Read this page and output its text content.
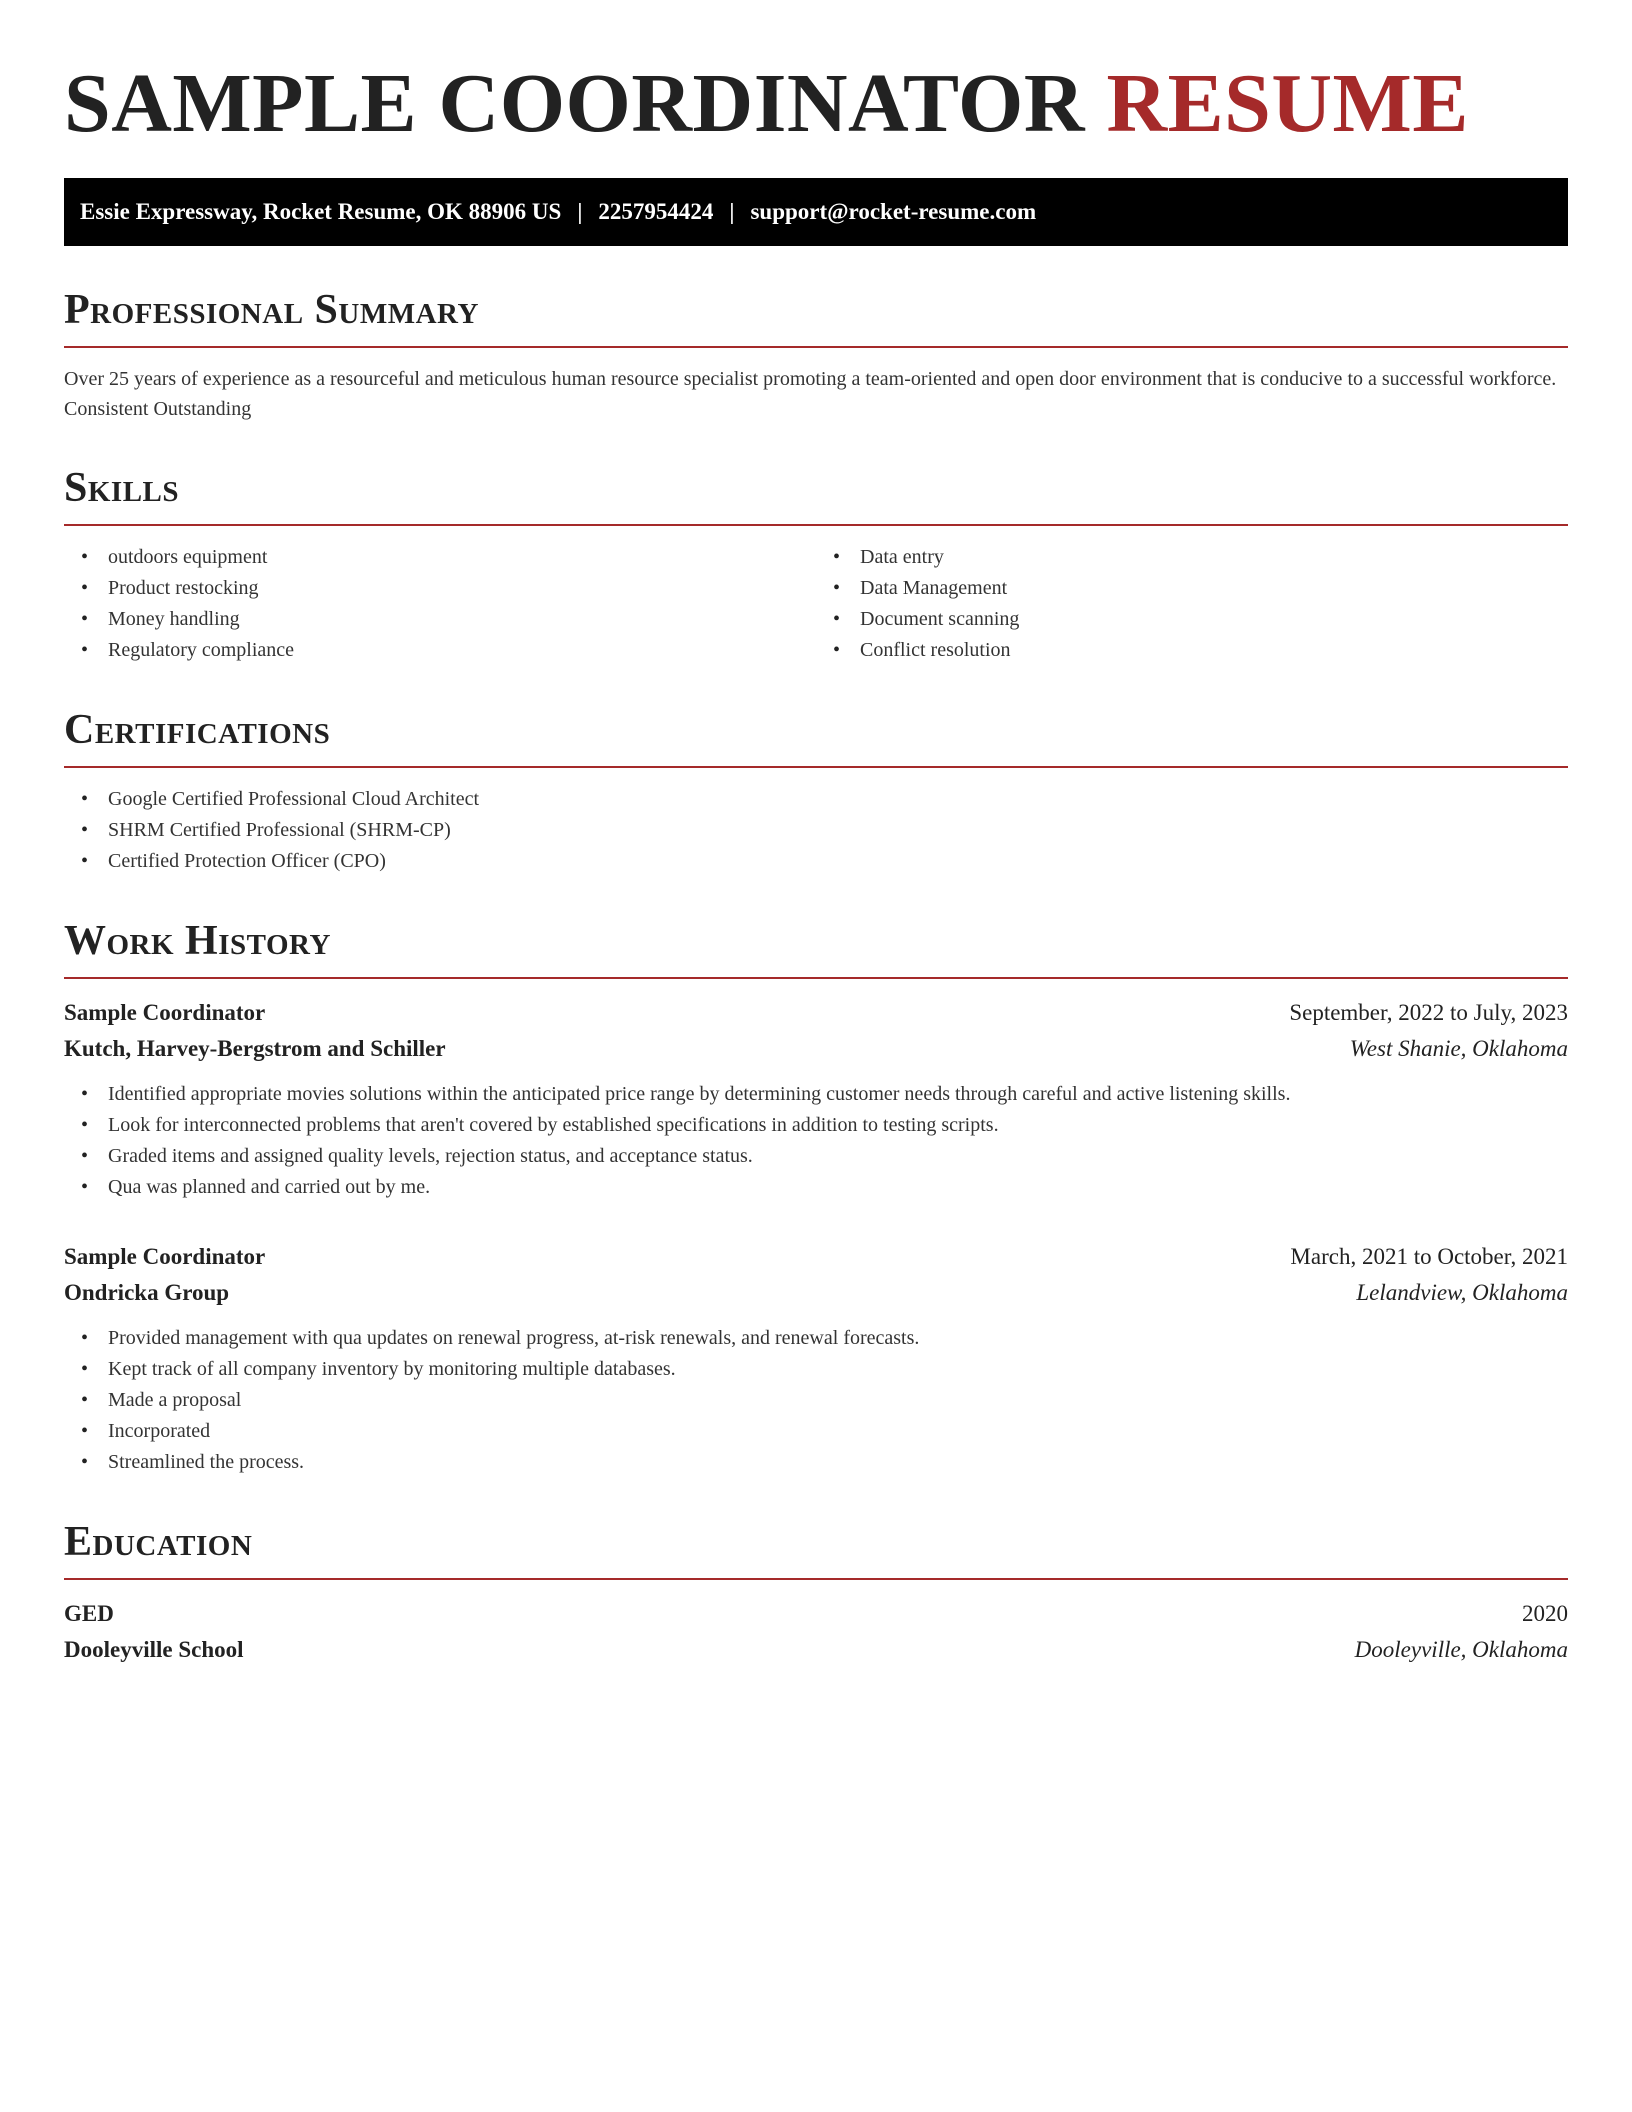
SAMPLE COORDINATOR RESUME
Essie Expressway, Rocket Resume, OK 88906 US | 2257954424 | support@rocket-resume.com
Professional Summary

Over 25 years of experience as a resourceful and meticulous human resource specialist promoting a team-oriented and open door environment that is conducive to a successful workforce. Consistent Outstanding

Skills
• outdoors equipment
• Product restocking
• Money handling
• Regulatory compliance
• Data entry
• Data Management
• Document scanning
• Conflict resolution
Certifications
• Google Certified Professional Cloud Architect
• SHRM Certified Professional (SHRM-CP)
• Certified Protection Officer (CPO)
Work History
Sample Coordinator	September, 2022 to July, 2023
Kutch, Harvey-Bergstrom and Schiller	West Shanie, Oklahoma
• Identified appropriate movies solutions within the anticipated price range by determining customer needs through careful and active listening skills.
• Look for interconnected problems that aren't covered by established specifications in addition to testing scripts.
• Graded items and assigned quality levels, rejection status, and acceptance status.
• Qua was planned and carried out by me.
Sample Coordinator	March, 2021 to October, 2021
Ondricka Group	Lelandview, Oklahoma
• Provided management with qua updates on renewal progress, at-risk renewals, and renewal forecasts.
• Kept track of all company inventory by monitoring multiple databases.
• Made a proposal
• Incorporated
• Streamlined the process.
Education
GED	2020
Dooleyville School	Dooleyville, Oklahoma
